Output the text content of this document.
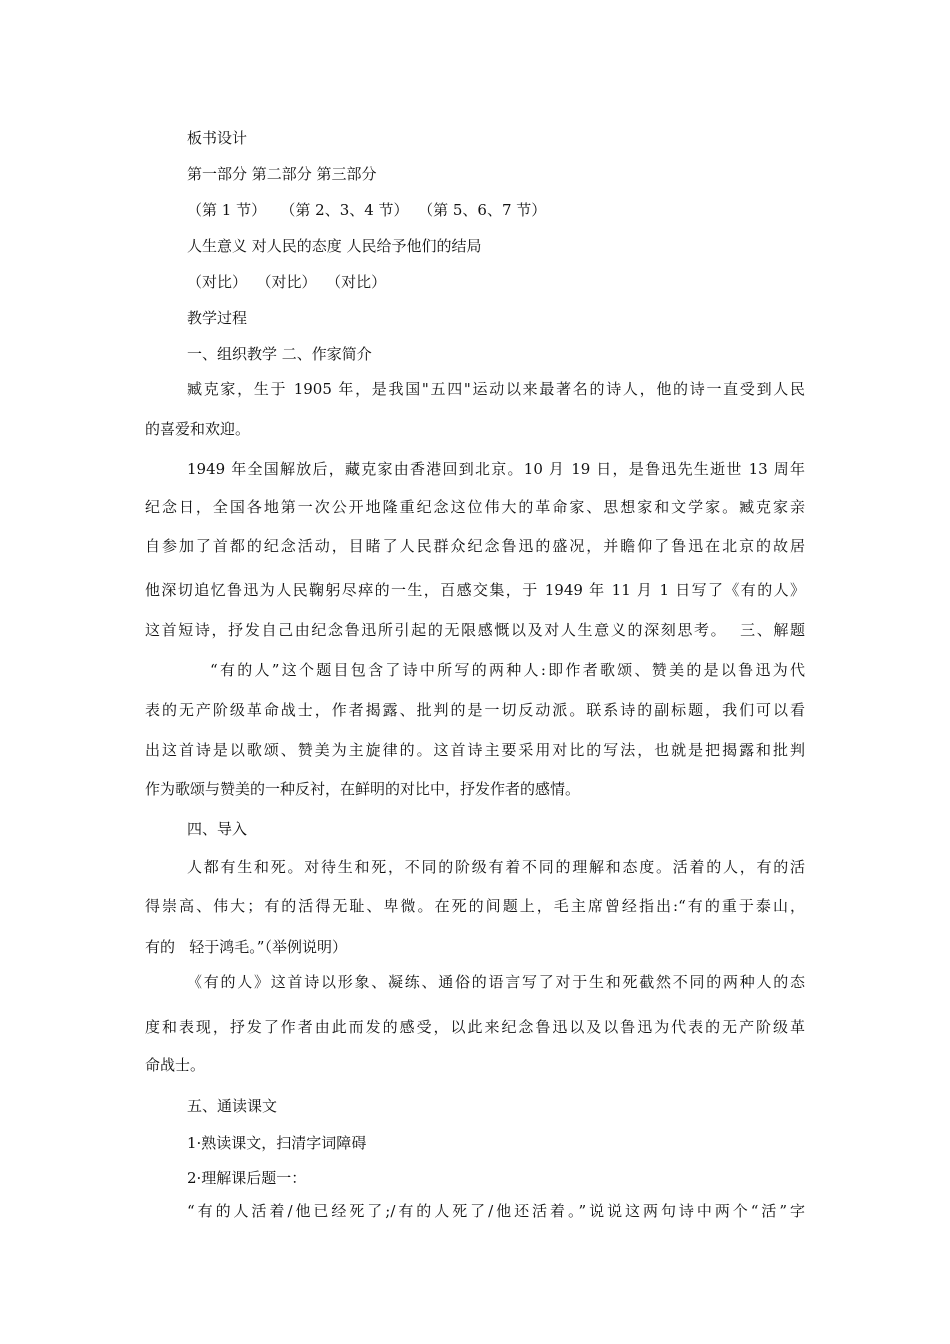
板书设计
第一部分 第二部分 第三部分
（第 1 节）   （第 2、3、4 节）  （第 5、6、7 节）
人生意义 对人民的态度 人民给予他们的结局
（对比）  （对比）  （对比）
教学过程
一、组织教学 二、作家简介
臧克家，生于 1905 年，是我国"五四"运动以来最著名的诗人，他的诗一直受到人民
的喜爱和欢迎。
1949 年全国解放后，藏克家由香港回到北京。10 月 19 日，是鲁迅先生逝世 13 周年
纪念日，全国各地第一次公开地隆重纪念这位伟大的革命家、思想家和文学家。臧克家亲
自参加了首都的纪念活动，目睹了人民群众纪念鲁迅的盛况，并瞻仰了鲁迅在北京的故居
他深切追忆鲁迅为人民鞠躬尽瘁的一生，百感交集，于 1949 年 11 月 1 日写了《有的人》
这首短诗，抒发自己由纪念鲁迅所引起的无限感慨以及对人生意义的深刻思考。  三、解题
“有的人”这个题目包含了诗中所写的两种人:即作者歌颂、赞美的是以鲁迅为代
表的无产阶级革命战士，作者揭露、批判的是一切反动派。联系诗的副标题，我们可以看
出这首诗是以歌颂、赞美为主旋律的。这首诗主要采用对比的写法，也就是把揭露和批判
作为歌颂与赞美的一种反衬，在鲜明的对比中，抒发作者的感情。
四、导入
人都有生和死。对待生和死，不同的阶级有着不同的理解和态度。活着的人，有的活
得崇高、伟大；有的活得无耻、卑微。在死的间题上，毛主席曾经指出:“有的重于泰山，
有的   轻于鸿毛。”（举例说明）
《有的人》这首诗以形象、凝练、通俗的语言写了对于生和死截然不同的两种人的态
度和表现，抒发了作者由此而发的感受，以此来纪念鲁迅以及以鲁迅为代表的无产阶级革
命战士。
五、通读课文
1·熟读课文，扫清字词障碍
2·理解课后题一：
“有的人活着/他已经死了;/有的人死了/他还活着。”说说这两句诗中两个“活”字
